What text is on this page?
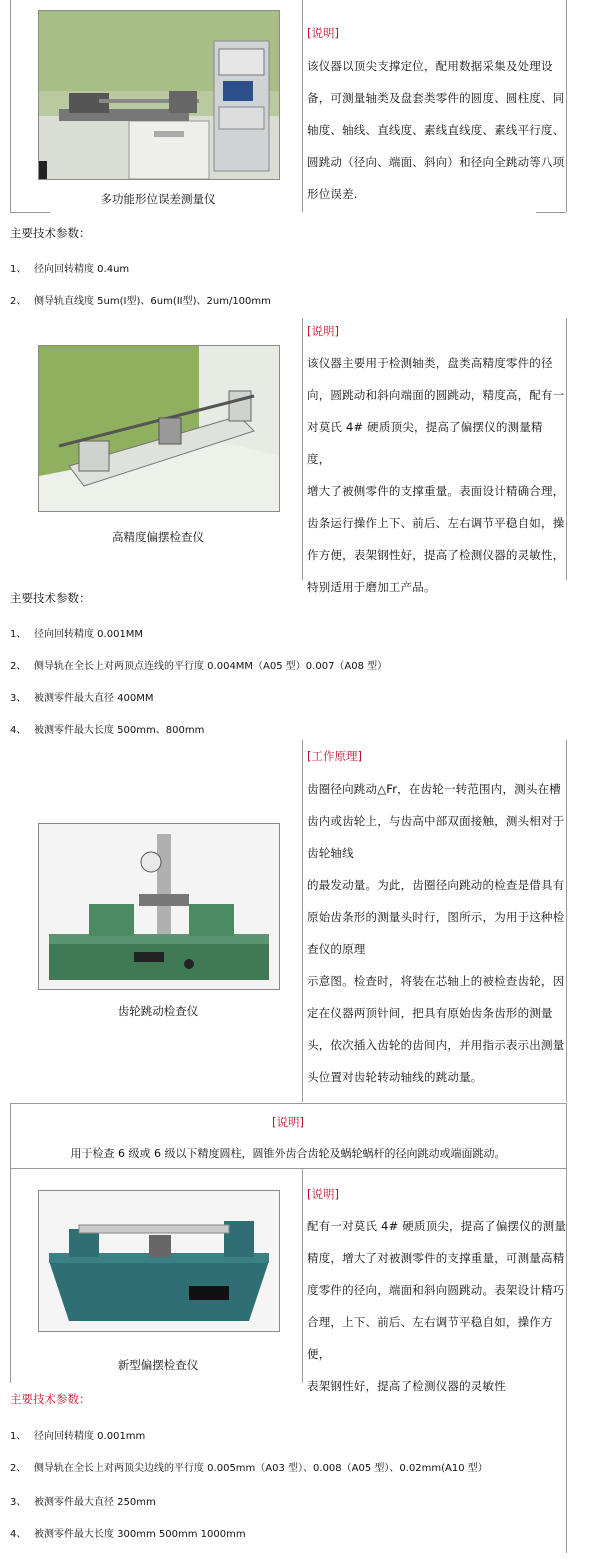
多功能形位误差测量仪
[说明]
该仪器以顶尖支撑定位，配用数据采集及处理设
备，可测量轴类及盘套类零件的圆度、圆柱度、同
轴度、轴线、直线度、素线直线度、素线平行度、
圆跳动（径向、端面、斜向）和径向全跳动等八项
形位误差.
主要技术参数：
1、 径向回转精度 0.4um
2、 侧导轨直线度 5um(I型)、6um(II型)、2um/100mm
高精度偏摆检查仪
[说明]
该仪器主要用于检测轴类，盘类高精度零件的径
向，圆跳动和斜向端面的圆跳动，精度高，配有一
对莫氏 4# 硬质顶尖，提高了偏摆仪的测量精度，
增大了被侧零件的支撑重量。表面设计精确合理，
齿条运行操作上下、前后、左右调节平稳自如，操
作方便，表架钢性好，提高了检测仪器的灵敏性，
特别适用于磨加工产品。
主要技术参数：
1、 径向回转精度 0.001MM
2、 侧导轨在全长上对两顶点连线的平行度 0.004MM（A05 型）0.007（A08 型）
3、 被测零件最大直径 400MM
4、 被测零件最大长度 500mm、800mm
齿轮跳动检查仪
[工作原理]
齿圈径向跳动△Fr，在齿轮一转范围内，测头在槽
齿内或齿轮上，与齿高中部双面接触，测头相对于
齿轮轴线
的最发动量。为此，齿圈径向跳动的检查是借具有
原始齿条形的测量头时行，图所示，为用于这种检
查仪的原理
示意图。检查时，将装在芯轴上的被检查齿轮，因
定在仪器两顶针间，把具有原始齿条齿形的测量
头，依次插入齿轮的齿间内，并用指示表示出测量
头位置对齿轮转动轴线的跳动量。
[说明]
用于检查 6 级或 6 级以下精度圆柱，圆锥外齿合齿轮及蜗轮蜗杆的径向跳动或端面跳动。
新型偏摆检查仪
[说明]
配有一对莫氏 4# 硬质顶尖，提高了偏摆仪的测量
精度，增大了对被测零件的支撑重量，可测量高精
度零件的径向，端面和斜向圆跳动。表架设计精巧
合理，上下、前后、左右调节平稳自如，操作方便，
表架钢性好，提高了检测仪器的灵敏性
主要技术参数：
1、 径向回转精度 0.001mm
2、 侧导轨在全长上对两顶尖边线的平行度 0.005mm（A03 型）、0.008（A05 型）、0.02mm(A10 型）
3、 被测零件最大直径 250mm
4、 被测零件最大长度 300mm 500mm 1000mm
